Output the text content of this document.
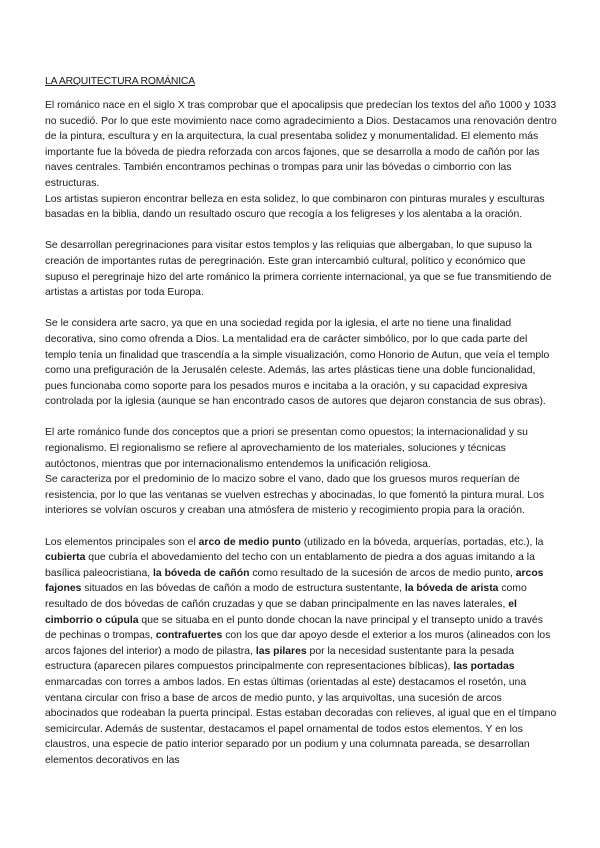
LA ARQUITECTURA ROMÁNICA

El románico nace en el siglo X tras comprobar que el apocalipsis que predecían los textos del año 1000 y 1033 no sucedió. Por lo que este movimiento nace como agradecimiento a Dios. Destacamos una renovación dentro de la pintura, escultura y en la arquitectura, la cual presentaba solidez y monumentalidad. El elemento más importante fue la bóveda de piedra reforzada con arcos fajones, que se desarrolla a modo de cañón por las naves centrales. También encontramos pechinas o trompas para unir las bóvedas o cimborrio con las estructuras.

Los artistas supieron encontrar belleza en esta solidez, lo que combinaron con pinturas murales y esculturas basadas en la biblia, dando un resultado oscuro que recogía a los feligreses y los alentaba a la oración.

Se desarrollan peregrinaciones para visitar estos templos y las reliquias que albergaban, lo que supuso la creación de importantes rutas de peregrinación. Este gran intercambió cultural, político y económico que supuso el peregrinaje hizo del arte románico la primera corriente internacional, ya que se fue transmitiendo de artistas a artistas por toda Europa.

Se le considera arte sacro, ya que en una sociedad regida por la iglesia, el arte no tiene una finalidad decorativa, sino como ofrenda a Dios. La mentalidad era de carácter simbólico, por lo que cada parte del templo tenía un finalidad que trascendía a la simple visualización, como Honorio de Autun, que veía el templo como una prefiguración de la Jerusalén celeste. Además, las artes plásticas tiene una doble funcionalidad, pues funcionaba como soporte para los pesados muros e incitaba a la oración, y su capacidad expresiva controlada por la iglesia (aunque se han encontrado casos de autores que dejaron constancia de sus obras).

El arte románico funde dos conceptos que a priori se presentan como opuestos; la internacionalidad y su regionalismo. El regionalismo se refiere al aprovechamiento de los materiales, soluciones y técnicas autóctonos, mientras que por internacionalismo entendemos la unificación religiosa.

Se caracteriza por el predominio de lo macizo sobre el vano, dado que los gruesos muros requerían de resistencia, por lo que las ventanas se vuelven estrechas y abocinadas, lo que fomentó la pintura mural. Los interiores se volvían oscuros y creaban una atmósfera de misterio y recogimiento propia para la oración.

Los elementos principales son el arco de medio punto (utilizado en la bóveda, arquerías, portadas, etc.), la cubierta que cubría el abovedamiento del techo con un entablamento de piedra a dos aguas imitando a la basílica paleocristiana, la bóveda de cañón como resultado de la sucesión de arcos de medio punto, arcos fajones situados en las bóvedas de cañón a modo de estructura sustentante, la bóveda de arista como resultado de dos bóvedas de cañón cruzadas y que se daban principalmente en las naves laterales, el cimborrio o cúpula que se situaba en el punto donde chocan la nave principal y el transepto unido a través de pechinas o trompas, contrafuertes con los que dar apoyo desde el exterior a los muros (alineados con los arcos fajones del interior) a modo de pilastra, las pilares por la necesidad sustentante para la pesada estructura (aparecen pilares compuestos principalmente con representaciones bíblicas), las portadas enmarcadas con torres a ambos lados. En estas últimas (orientadas al este) destacamos el rosetón, una ventana circular con friso a base de arcos de medio punto, y las arquivoltas, una sucesión de arcos abocinados que rodeaban la puerta principal. Estas estaban decoradas con relieves, al igual que en el tímpano semicircular. Además de sustentar, destacamos el papel ornamental de todos estos elementos. Y en los claustros, una especie de patio interior separado por un podium y una columnata pareada, se desarrollan elementos decorativos en las
